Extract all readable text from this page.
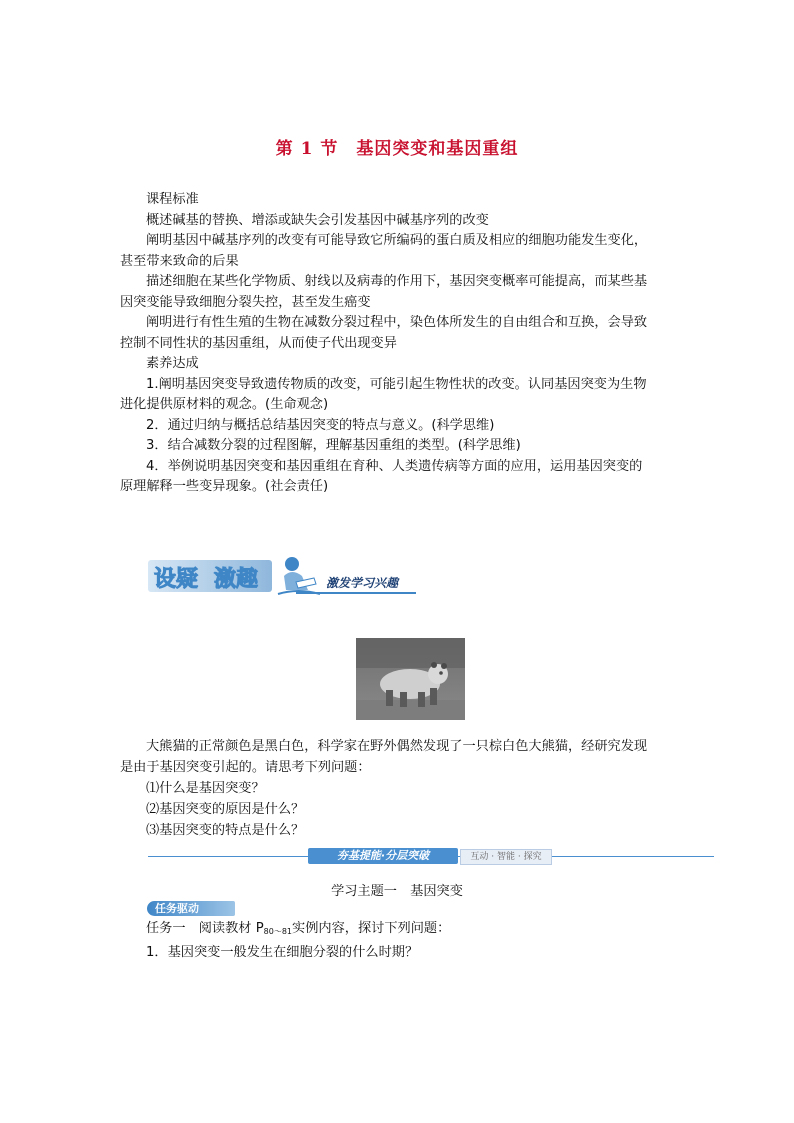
第 1 节 基因突变和基因重组
课程标准
概述碱基的替换、增添或缺失会引发基因中碱基序列的改变
阐明基因中碱基序列的改变有可能导致它所编码的蛋白质及相应的细胞功能发生变化，
甚至带来致命的后果
描述细胞在某些化学物质、射线以及病毒的作用下，基因突变概率可能提高，而某些基
因突变能导致细胞分裂失控，甚至发生癌变
阐明进行有性生殖的生物在减数分裂过程中，染色体所发生的自由组合和互换，会导致
控制不同性状的基因重组，从而使子代出现变异
素养达成
1.阐明基因突变导致遗传物质的改变，可能引起生物性状的改变。认同基因突变为生物
进化提供原材料的观念。(生命观念)
2．通过归纳与概括总结基因突变的特点与意义。(科学思维)
3．结合减数分裂的过程图解，理解基因重组的类型。(科学思维)
4．举例说明基因突变和基因重组在育种、人类遗传病等方面的应用，运用基因突变的
原理解释一些变异现象。(社会责任)
设疑 激趣	激发学习兴趣
大熊猫的正常颜色是黑白色，科学家在野外偶然发现了一只棕白色大熊猫，经研究发现
是由于基因突变引起的。请思考下列问题：
⑴什么是基因突变？
⑵基因突变的原因是什么？
⑶基因突变的特点是什么？
夯基提能·分层突破	互动 · 智能 · 探究
学习主题一　基因突变
任务驱动
任务一　阅读教材 P80～81实例内容，探讨下列问题：
1．基因突变一般发生在细胞分裂的什么时期？
